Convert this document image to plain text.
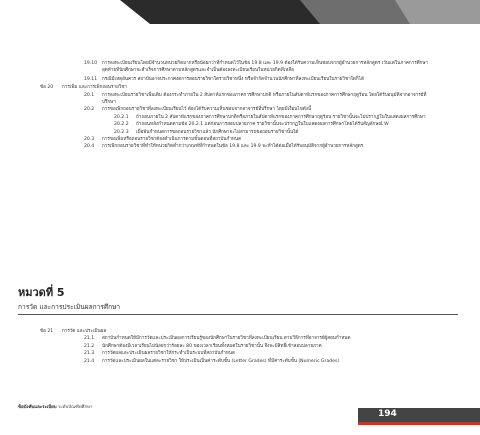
19.10 การลงทะเบียนเรียนโดยมีจำนวนหน่วยกิตมากหรือน้อยกว่าที่กำหนดไว้ในข้อ 19.8 และ 19.9 ต้องได้รับความเห็นชอบจากผู้อำนวยการหลักสูตร เว้นแต่ในภาคการศึกษาสุดท้ายที่นักศึกษาจะสำเร็จการศึกษาตามหลักสูตรและจำเป็นต้องลงทะเบียนเรียนในหน่วยกิตที่เหลือ
19.11 กรณีมีเหตุอันควร สถาบันอาจประกาศงดการสอนรายวิชาใดรายวิชาหนึ่ง หรือจำกัดจำนวนนักศึกษาที่ลงทะเบียนเรียนในรายวิชาใดก็ได้
ข้อ 20 การเพิ่ม และการเพิกถอนรายวิชา
20.1 การลงทะเบียนรายวิชาเพิ่มเติม ต้องกระทำภายใน 2 สัปดาห์แรกของภาคการศึกษาปกติ หรือภายในสัปดาห์แรกของภาคการศึกษาฤดูร้อน โดยได้รับอนุมัติจากอาจารย์ที่ปรึกษา
20.2 การขอเพิกถอนรายวิชาที่ลงทะเบียนเรียนไว้ ต้องได้รับความเห็นชอบจากอาจารย์ที่ปรึกษา โดยมีเงื่อนไขดังนี้
20.2.1 ถ้าถอนภายใน 2 สัปดาห์แรกของภาคการศึกษาปกติหรือภายในสัปดาห์แรกของภาคการศึกษาฤดูร้อน รายวิชานั้นจะไม่ปรากฏในใบแสดงผลการศึกษา
20.2.2 ถ้าถอนหลังกำหนดตามข้อ 20.2.1 แต่ก่อนการสอบปลายภาค รายวิชานั้นจะปรากฏในใบแสดงผลการศึกษาโดยได้รับสัญลักษณ์ W
20.2.3 เมื่อพ้นกำหนดการขอถอนรายวิชาแล้ว นักศึกษาจะไม่สามารถขอถอนรายวิชานั้นได้
20.3 การขอเพิ่มหรือถอนรายวิชาต้องดำเนินการตามขั้นตอนที่สถาบันกำหนด
20.4 การเพิกถอนรายวิชาที่ทำให้หน่วยกิตต่ำกว่าเกณฑ์ที่กำหนดในข้อ 19.8 และ 19.9 จะทำได้ต่อเมื่อได้รับอนุมัติจากผู้อำนวยการหลักสูตร
หมวดที่ 5
การวัด และการประเมินผลการศึกษา
ข้อ 21 การวัด และประเมินผล
21.1 สถาบันกำหนดให้มีการวัดและประเมินผลการเรียนรู้ของนักศึกษาในรายวิชาที่ลงทะเบียนเรียน ตามวิธีการที่อาจารย์ผู้สอนกำหนด
21.2 นักศึกษาต้องมีเวลาเรียนไม่น้อยกว่าร้อยละ 80 ของเวลาเรียนทั้งหมดในรายวิชานั้น จึงจะมีสิทธิ์เข้าสอบปลายภาค
21.3 การวัดผลและประเมินผลรายวิชาให้กระทำเป็นระบบที่สถาบันกำหนด
21.4 การวัดและประเมินผลในแต่ละรายวิชา ให้ประเมินเป็นค่าระดับขั้น (Letter Grades) ที่มีค่าระดับขั้น (Numeric Grades)
ข้อบังคับและระเบียบ ระดับบัณฑิตศึกษา
194
